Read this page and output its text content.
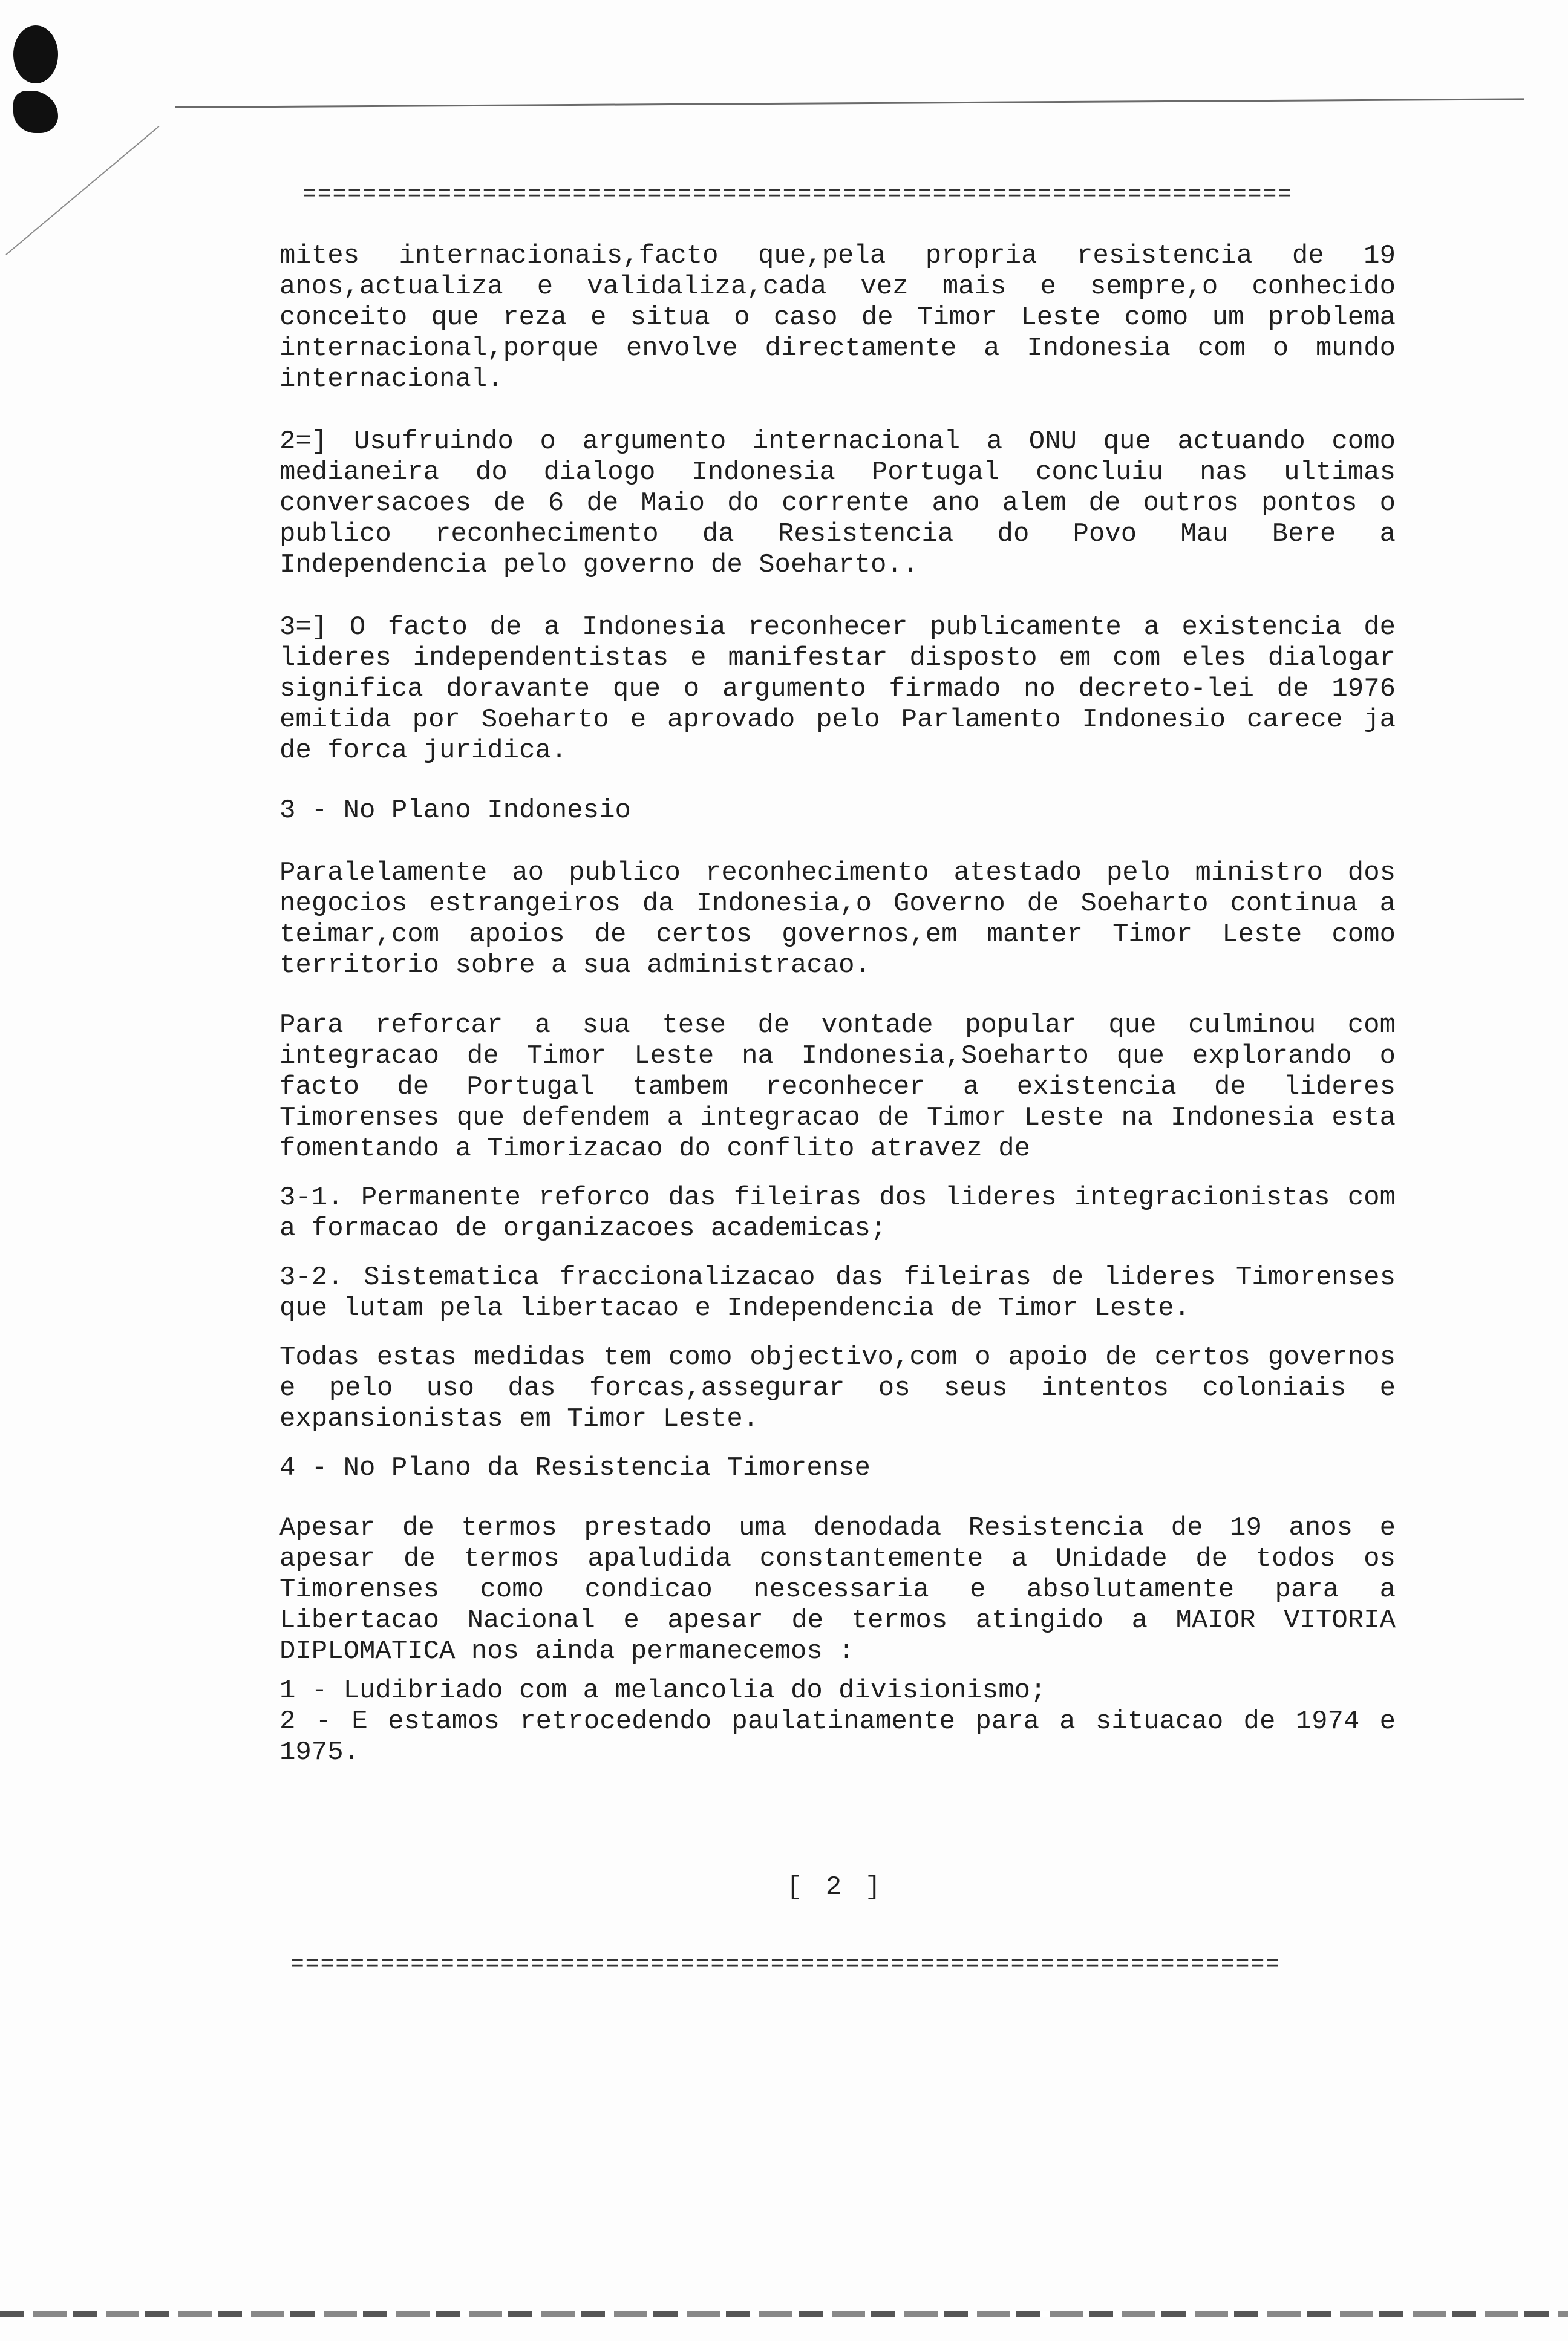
==================================================================

mites internacionais,facto que,pela propria resistencia de 19 anos,actualiza e validaliza,cada vez mais e sempre,o conhecido conceito que reza e situa o caso de Timor Leste como um problema internacional,porque envolve directamente a Indonesia com o mundo internacional.

2=] Usufruindo o argumento internacional a ONU que actuando como medianeira do dialogo Indonesia Portugal concluiu nas ultimas conversacoes de 6 de Maio do corrente ano alem de outros pontos o publico reconhecimento da Resistencia do Povo Mau Bere a Independencia pelo governo de Soeharto..

3=] O facto de a Indonesia reconhecer publicamente a existencia de lideres independentistas e manifestar disposto em com eles dialogar significa doravante que o argumento firmado no decreto-lei de 1976 emitida por Soeharto e aprovado pelo Parlamento Indonesio carece ja de forca juridica.

3 - No Plano Indonesio

Paralelamente ao publico reconhecimento atestado pelo ministro dos negocios estrangeiros da Indonesia,o Governo de Soeharto continua a teimar,com apoios de certos governos,em manter Timor Leste como territorio sobre a sua administracao.

Para reforcar a sua tese de vontade popular que culminou com integracao de Timor Leste na Indonesia,Soeharto que explorando o facto de Portugal tambem reconhecer a existencia de lideres Timorenses que defendem a integracao de Timor Leste na Indonesia esta fomentando a Timorizacao do conflito atravez de

3-1. Permanente reforco das fileiras dos lideres integracionistas com a formacao de organizacoes academicas;

3-2. Sistematica fraccionalizacao das fileiras de lideres Timorenses que lutam pela libertacao e Independencia de Timor Leste.

Todas estas medidas tem como objectivo,com o apoio de certos governos e pelo uso das forcas,assegurar os seus intentos coloniais e expansionistas em Timor Leste.

4 - No Plano da Resistencia Timorense

Apesar de termos prestado uma denodada Resistencia de 19 anos e apesar de termos apaludida constantemente a Unidade de todos os Timorenses como condicao nescessaria e absolutamente para a Libertacao Nacional e apesar de termos atingido a MAIOR VITORIA DIPLOMATICA nos ainda permanecemos :

1 - Ludibriado com a melancolia do divisionismo;

2 - E estamos retrocedendo paulatinamente para a situacao de 1974 e 1975.

[ 2 ]
==================================================================
